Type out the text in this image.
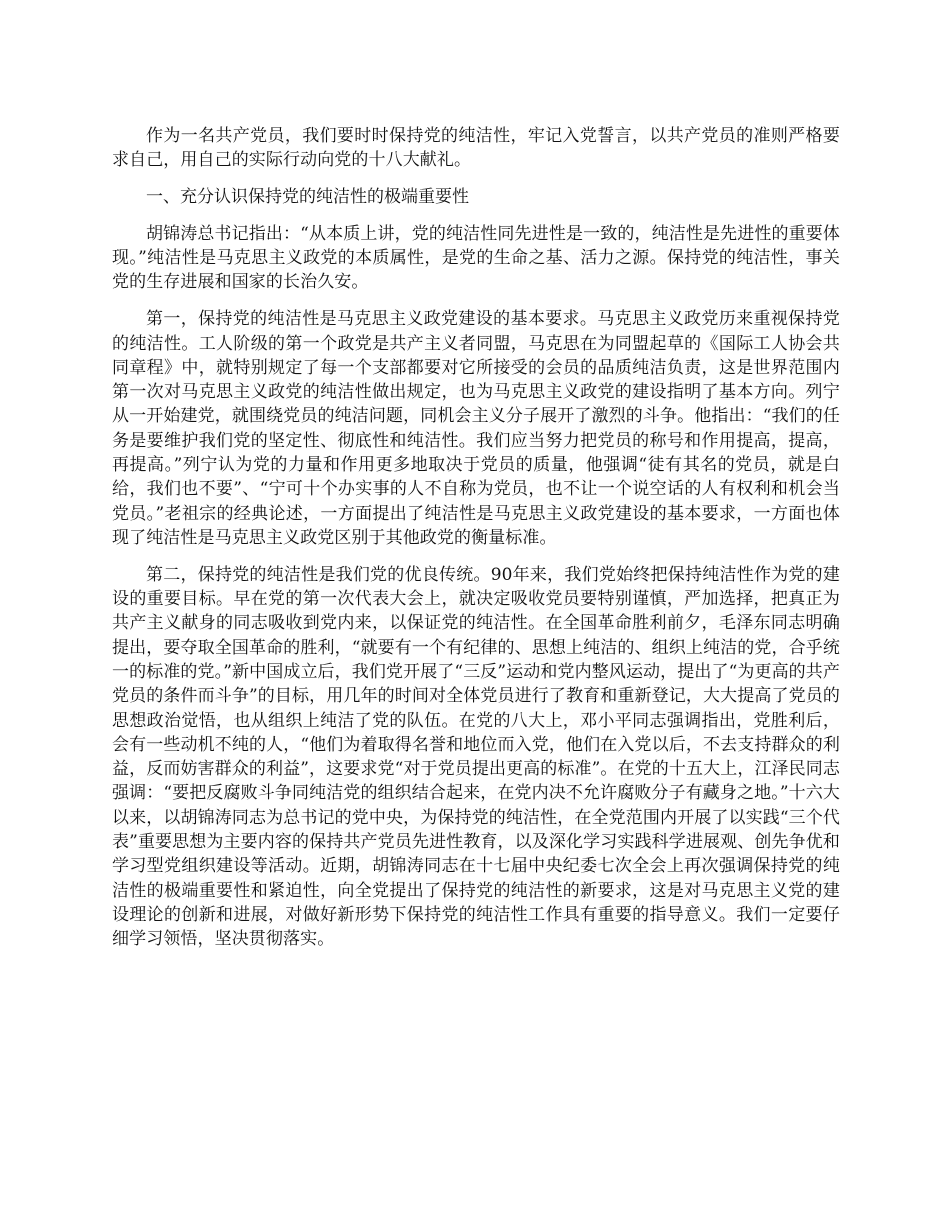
作为一名共产党员，我们要时时保持党的纯洁性，牢记入党誓言，以共产党员的准则严格要求自己，用自己的实际行动向党的十八大献礼。

一、充分认识保持党的纯洁性的极端重要性

胡锦涛总书记指出：“从本质上讲，党的纯洁性同先进性是一致的，纯洁性是先进性的重要体现。”纯洁性是马克思主义政党的本质属性，是党的生命之基、活力之源。保持党的纯洁性，事关党的生存进展和国家的长治久安。

第一，保持党的纯洁性是马克思主义政党建设的基本要求。马克思主义政党历来重视保持党的纯洁性。工人阶级的第一个政党是共产主义者同盟，马克思在为同盟起草的《国际工人协会共同章程》中，就特别规定了每一个支部都要对它所接受的会员的品质纯洁负责，这是世界范围内第一次对马克思主义政党的纯洁性做出规定，也为马克思主义政党的建设指明了基本方向。列宁从一开始建党，就围绕党员的纯洁问题，同机会主义分子展开了激烈的斗争。他指出：“我们的任务是要维护我们党的坚定性、彻底性和纯洁性。我们应当努力把党员的称号和作用提高，提高，再提高。”列宁认为党的力量和作用更多地取决于党员的质量，他强调“徒有其名的党员，就是白给，我们也不要”、“宁可十个办实事的人不自称为党员，也不让一个说空话的人有权利和机会当党员。”老祖宗的经典论述，一方面提出了纯洁性是马克思主义政党建设的基本要求，一方面也体现了纯洁性是马克思主义政党区别于其他政党的衡量标准。

第二，保持党的纯洁性是我们党的优良传统。90年来，我们党始终把保持纯洁性作为党的建设的重要目标。早在党的第一次代表大会上，就决定吸收党员要特别谨慎，严加选择，把真正为共产主义献身的同志吸收到党内来，以保证党的纯洁性。在全国革命胜利前夕，毛泽东同志明确提出，要夺取全国革命的胜利，“就要有一个有纪律的、思想上纯洁的、组织上纯洁的党，合乎统一的标准的党。”新中国成立后，我们党开展了“三反”运动和党内整风运动，提出了“为更高的共产党员的条件而斗争”的目标，用几年的时间对全体党员进行了教育和重新登记，大大提高了党员的思想政治觉悟，也从组织上纯洁了党的队伍。在党的八大上，邓小平同志强调指出，党胜利后，会有一些动机不纯的人，“他们为着取得名誉和地位而入党，他们在入党以后，不去支持群众的利益，反而妨害群众的利益”，这要求党“对于党员提出更高的标准”。在党的十五大上，江泽民同志强调：“要把反腐败斗争同纯洁党的组织结合起来，在党内决不允许腐败分子有藏身之地。”十六大以来，以胡锦涛同志为总书记的党中央，为保持党的纯洁性，在全党范围内开展了以实践“三个代表”重要思想为主要内容的保持共产党员先进性教育，以及深化学习实践科学进展观、创先争优和学习型党组织建设等活动。近期，胡锦涛同志在十七届中央纪委七次全会上再次强调保持党的纯洁性的极端重要性和紧迫性，向全党提出了保持党的纯洁性的新要求，这是对马克思主义党的建设理论的创新和进展，对做好新形势下保持党的纯洁性工作具有重要的指导意义。我们一定要仔细学习领悟，坚决贯彻落实。
